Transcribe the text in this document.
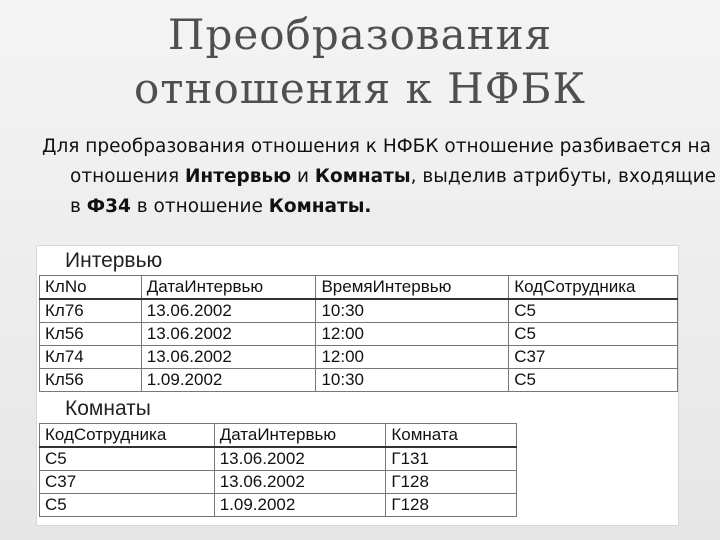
Преобразования
отношения к НФБК
Для преобразования отношения к НФБК отношение разбивается на отношения Интервью и Комнаты, выделив атрибуты, входящие в Ф34 в отношение Комнаты.
Интервью
КлNo	ДатаИнтервью	ВремяИнтервью	КодСотрудника
Кл76	13.06.2002	10:30	С5
Кл56	13.06.2002	12:00	С5
Кл74	13.06.2002	12:00	С37
Кл56	1.09.2002	10:30	С5
Комнаты
КодСотрудника	ДатаИнтервью	Комната
С5	13.06.2002	Г131
С37	13.06.2002	Г128
С5	1.09.2002	Г128
